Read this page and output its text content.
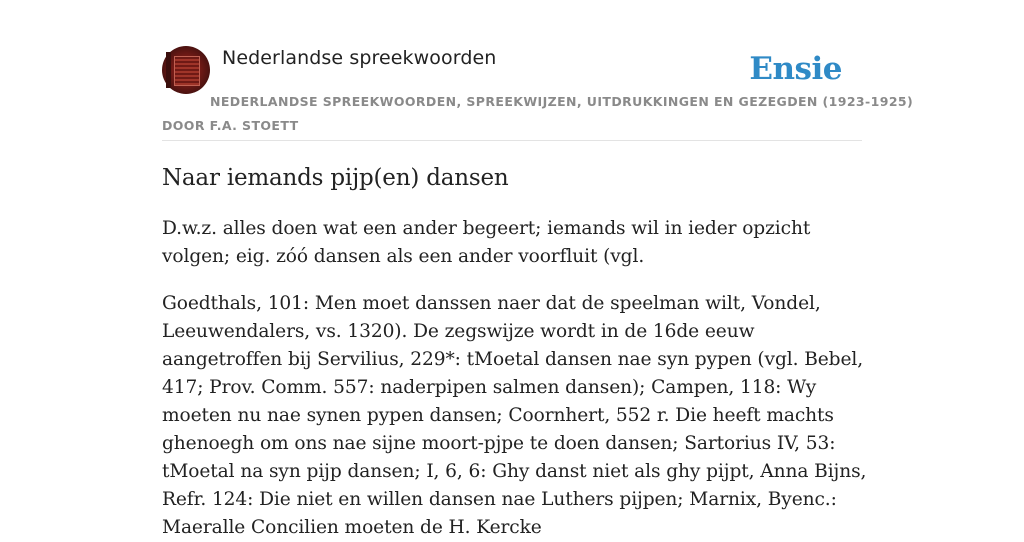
Nederlandse spreekwoorden	Ensie
NEDERLANDSE SPREEKWOORDEN, SPREEKWIJZEN, UITDRUKKINGEN EN GEZEGDEN (1923-1925)
DOOR F.A. STOETT
Naar iemands pijp(en) dansen

D.w.z. alles doen wat een ander begeert; iemands wil in ieder opzicht volgen; eig. zóó dansen als een ander voorfluit (vgl.

Goedthals, 101: Men moet danssen naer dat de speelman wilt, Vondel, Leeuwendalers, vs. 1320). De zegswijze wordt in de 16de eeuw aangetroffen bij Servilius, 229*: tMoetal dansen nae syn pypen (vgl. Bebel, 417; Prov. Comm. 557: naderpipen salmen dansen); Campen, 118: Wy moeten nu nae synen pypen dansen; Coornhert, 552 r. Die heeft machts ghenoegh om ons nae sijne moort-pjpe te doen dansen; Sartorius IV, 53: tMoetal na syn pijp dansen; I, 6, 6: Ghy danst niet als ghy pijpt, Anna Bijns, Refr. 124: Die niet en willen dansen nae Luthers pijpen; Marnix, Byenc.: Maeralle Concilien moeten de H. Kercke
